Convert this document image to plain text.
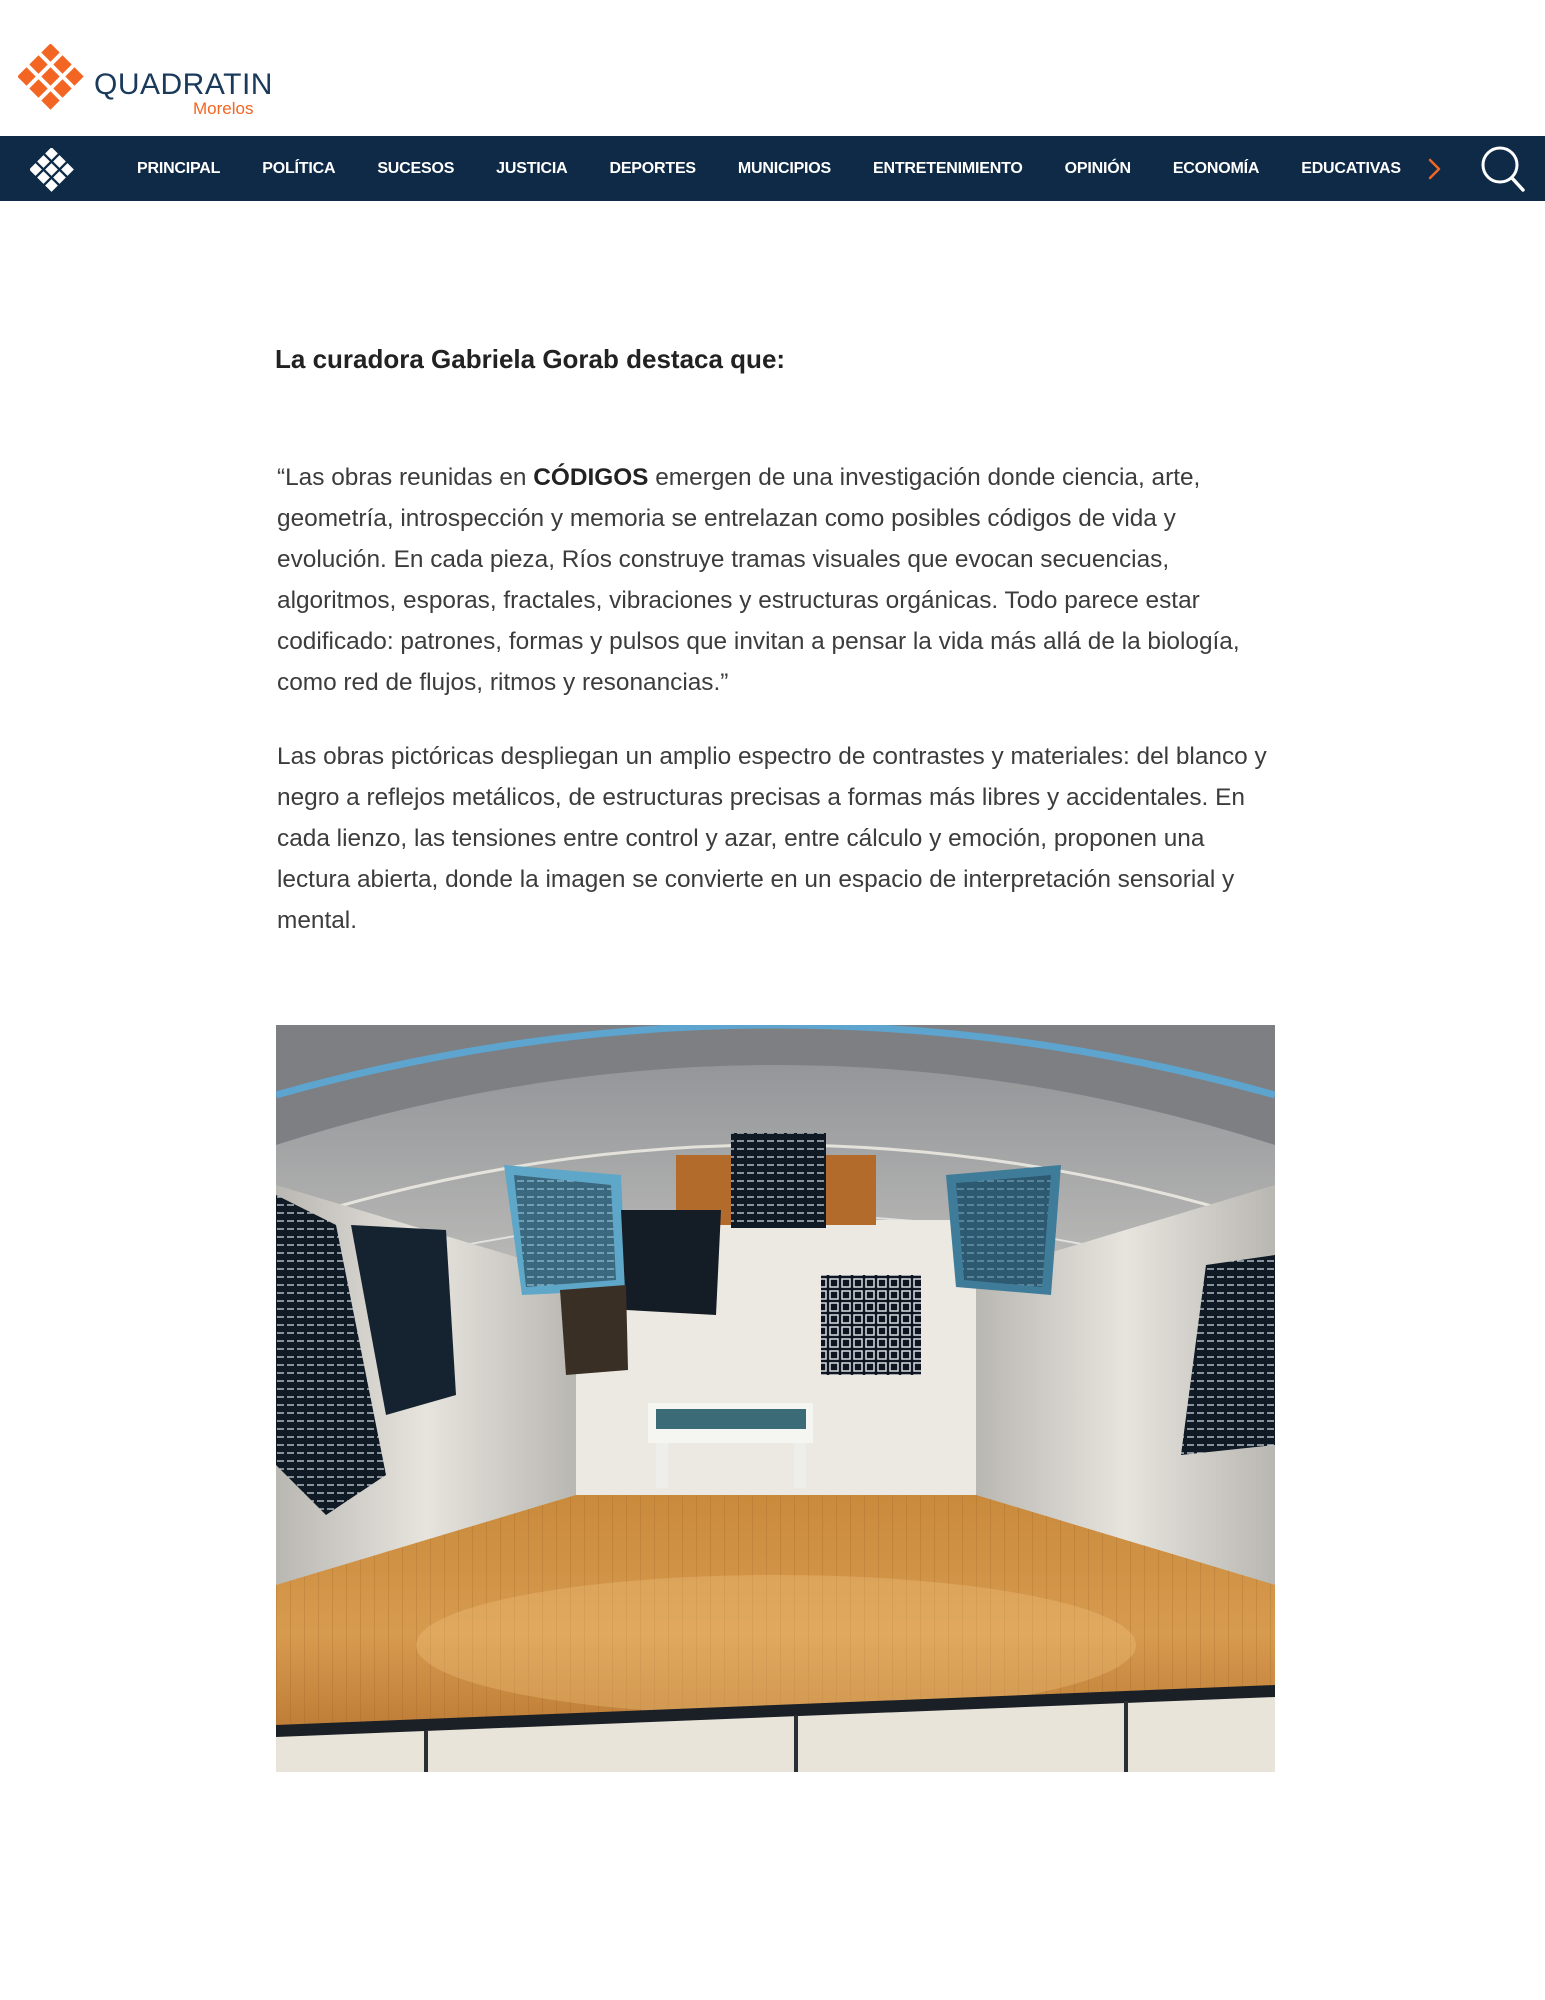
QUADRATIN
Morelos
PRINCIPAL	POLÍTICA	SUCESOS	JUSTICIA	DEPORTES	MUNICIPIOS	ENTRETENIMIENTO	OPINIÓN	ECONOMÍA	EDUCATIVAS
La curadora Gabriela Gorab destaca que:

“Las obras reunidas en CÓDIGOS emergen de una investigación donde ciencia, arte, geometría, introspección y memoria se entrelazan como posibles códigos de vida y evolución. En cada pieza, Ríos construye tramas visuales que evocan secuencias, algoritmos, esporas, fractales, vibraciones y estructuras orgánicas. Todo parece estar codificado: patrones, formas y pulsos que invitan a pensar la vida más allá de la biología, como red de flujos, ritmos y resonancias.”

Las obras pictóricas despliegan un amplio espectro de contrastes y materiales: del blanco y negro a reflejos metálicos, de estructuras precisas a formas más libres y accidentales. En cada lienzo, las tensiones entre control y azar, entre cálculo y emoción, proponen una lectura abierta, donde la imagen se convierte en un espacio de interpretación sensorial y mental.
